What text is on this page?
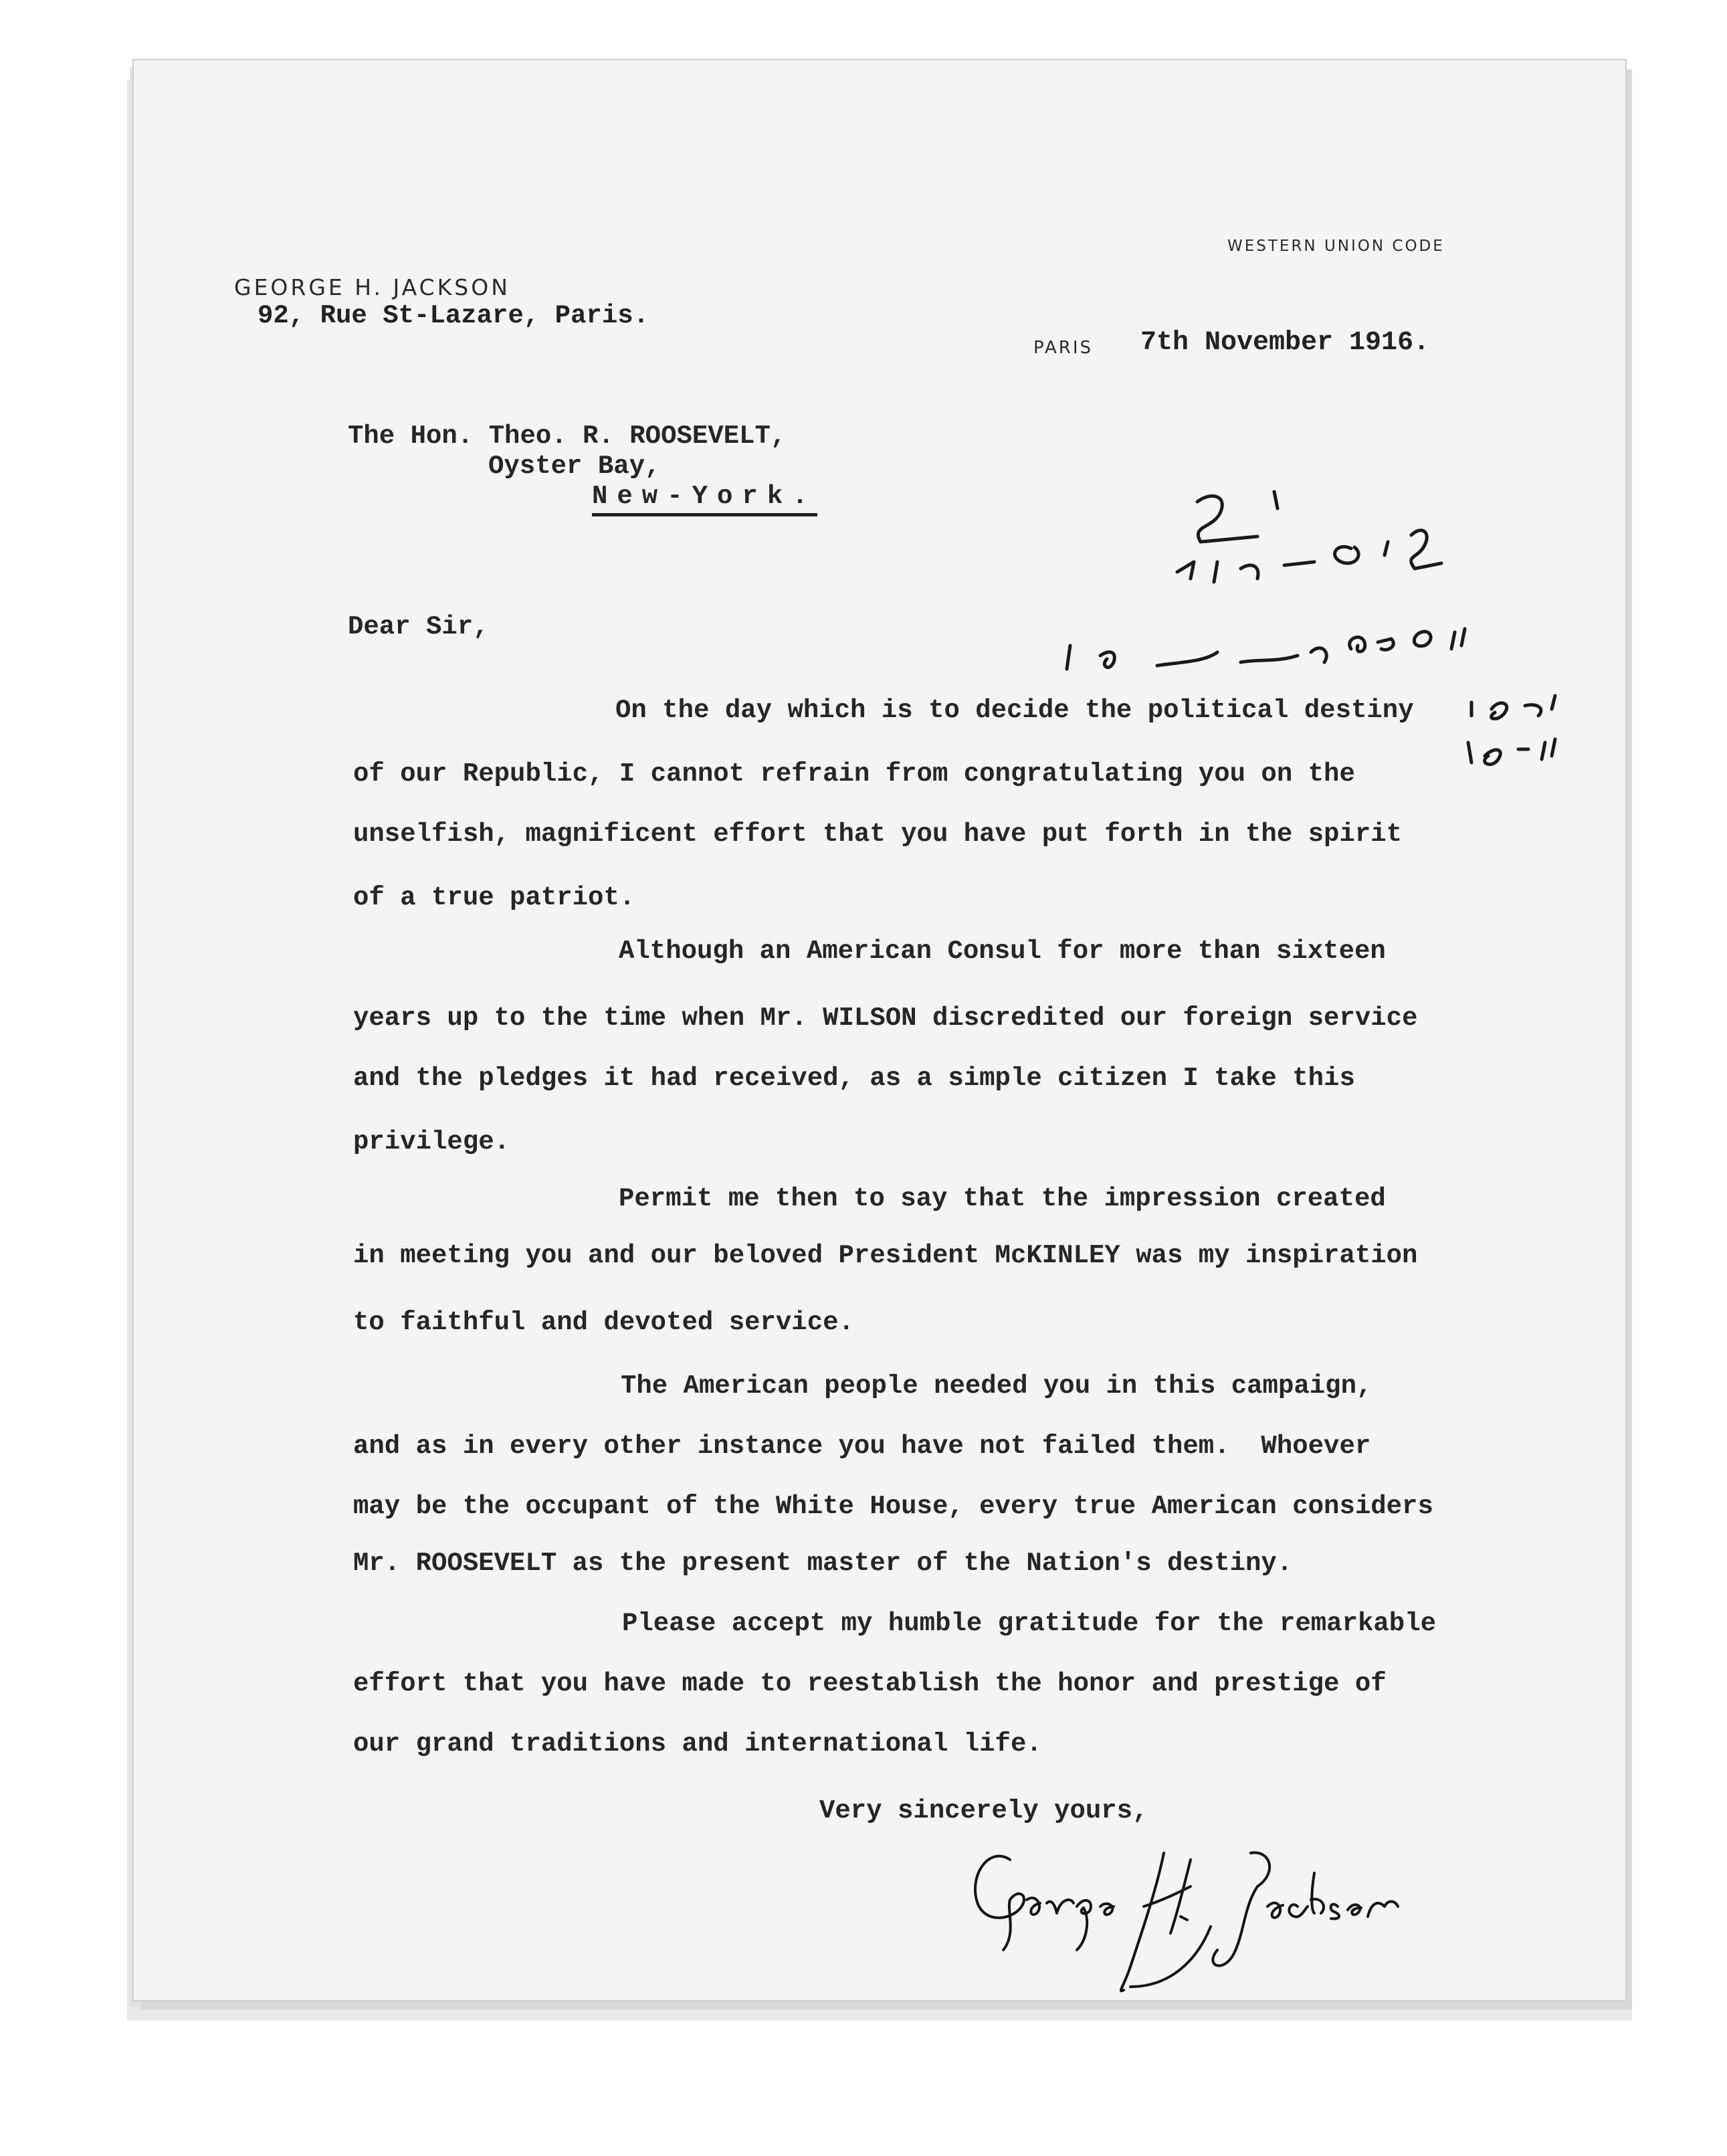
GEORGE H. JACKSON
92, Rue St-Lazare, Paris.
WESTERN UNION CODE
PARIS 7th November 1916.
The Hon. Theo. R. ROOSEVELT,
Oyster Bay,
New-York.
Dear Sir,
On the day which is to decide the political destiny
of our Republic, I cannot refrain from congratulating you on the
unselfish, magnificent effort that you have put forth in the spirit
of a true patriot.
Although an American Consul for more than sixteen
years up to the time when Mr. WILSON discredited our foreign service
and the pledges it had received, as a simple citizen I take this
privilege.
Permit me then to say that the impression created
in meeting you and our beloved President McKINLEY was my inspiration
to faithful and devoted service.
The American people needed you in this campaign,
and as in every other instance you have not failed them.  Whoever
may be the occupant of the White House, every true American considers
Mr. ROOSEVELT as the present master of the Nation's destiny.
Please accept my humble gratitude for the remarkable
effort that you have made to reestablish the honor and prestige of
our grand traditions and international life.
Very sincerely yours,
